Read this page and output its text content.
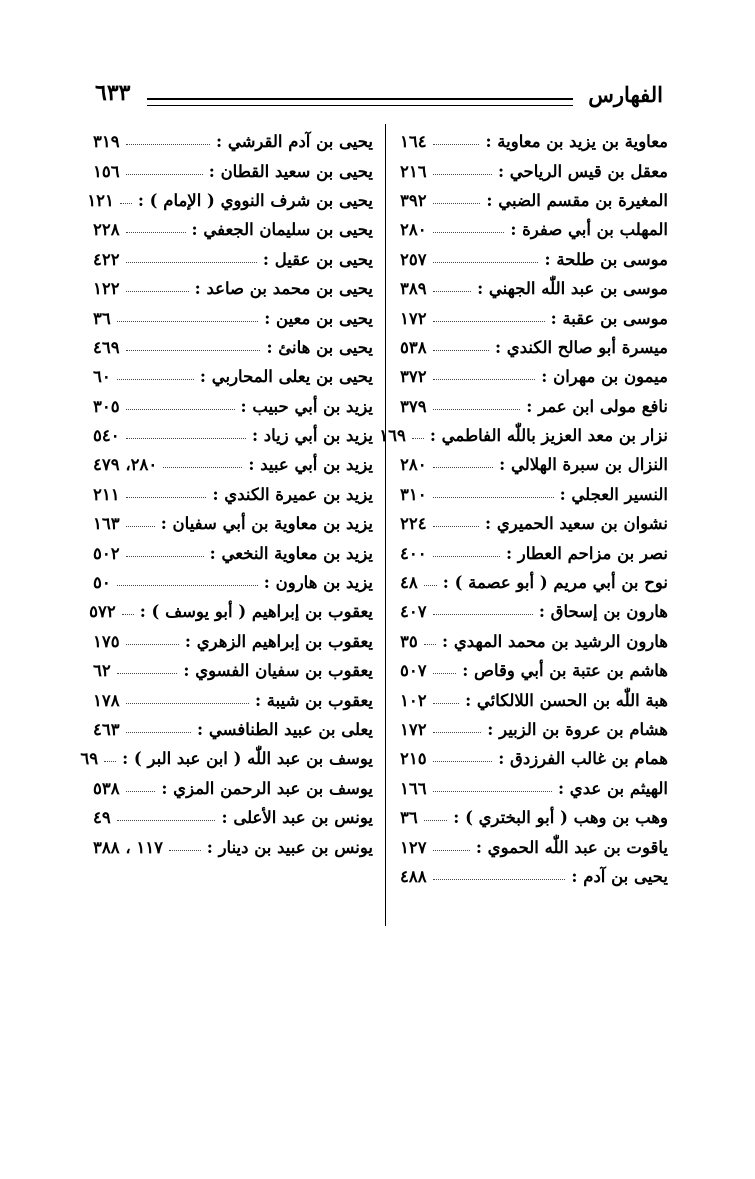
الفهارس
٦٣٣
معاوية بن يزيد بن معاوية :
١٦٤
معقل بن قيس الرياحي :
٢١٦
المغيرة بن مقسم الضبي :
٣٩٢
المهلب بن أبي صفرة :
٢٨٠
موسى بن طلحة :
٢٥٧
موسى بن عبد اللّٰه الجهني :
٣٨٩
موسى بن عقبة :
١٧٢
ميسرة أبو صالح الكندي :
٥٣٨
ميمون بن مهران :
٣٧٢
نافع مولى ابن عمر :
٣٧٩
نزار بن معد العزيز باللّٰه الفاطمي :
١٦٩
النزال بن سبرة الهلالي :
٢٨٠
النسير العجلي :
٣١٠
نشوان بن سعيد الحميري :
٢٢٤
نصر بن مزاحم العطار :
٤٠٠
نوح بن أبي مريم ( أبو عصمة ) :
٤٨
هارون بن إسحاق :
٤٠٧
هارون الرشيد بن محمد المهدي :
٣٥
هاشم بن عتبة بن أبي وقاص :
٥٠٧
هبة اللّٰه بن الحسن اللالكائي :
١٠٢
هشام بن عروة بن الزبير :
١٧٢
همام بن غالب الفرزدق :
٢١٥
الهيثم بن عدي :
١٦٦
وهب بن وهب ( أبو البختري ) :
٣٦
ياقوت بن عبد اللّٰه الحموي :
١٢٧
يحيى بن آدم :
٤٨٨
يحيى بن آدم القرشي :
٣١٩
يحيى بن سعيد القطان :
١٥٦
يحيى بن شرف النووي ( الإمام ) :
١٢١
يحيى بن سليمان الجعفي :
٢٢٨
يحيى بن عقيل :
٤٢٢
يحيى بن محمد بن صاعد :
١٢٢
يحيى بن معين :
٣٦
يحيى بن هانئ :
٤٦٩
يحيى بن يعلى المحاربي :
٦٠
يزيد بن أبي حبيب :
٣٠٥
يزيد بن أبي زياد :
٥٤٠
يزيد بن أبي عبيد :
٢٨٠، ٤٧٩
يزيد بن عميرة الكندي :
٢١١
يزيد بن معاوية بن أبي سفيان :
١٦٣
يزيد بن معاوية النخعي :
٥٠٢
يزيد بن هارون :
٥٠
يعقوب بن إبراهيم ( أبو يوسف ) :
٥٧٢
يعقوب بن إبراهيم الزهري :
١٧٥
يعقوب بن سفيان الفسوي :
٦٢
يعقوب بن شيبة :
١٧٨
يعلى بن عبيد الطنافسي :
٤٦٣
يوسف بن عبد اللّٰه ( ابن عبد البر ) :
٦٩
يوسف بن عبد الرحمن المزي :
٥٣٨
يونس بن عبد الأعلى :
٤٩
يونس بن عبيد بن دينار :
١١٧ ، ٣٨٨
